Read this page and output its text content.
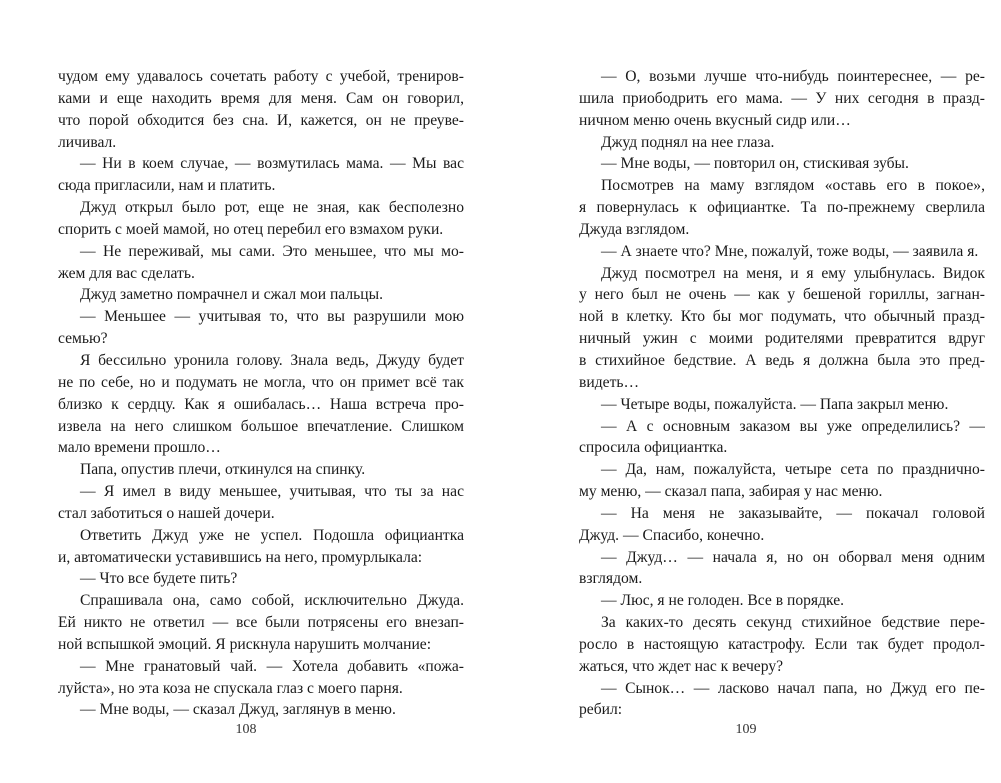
чудом ему удавалось сочетать работу с учебой, трениров-
ками и еще находить время для меня. Сам он говорил,
что порой обходится без сна. И, кажется, он не преуве-
личивал.
— Ни в коем случае, — возмутилась мама. — Мы вас
сюда пригласили, нам и платить.
Джуд открыл было рот, еще не зная, как бесполезно
спорить с моей мамой, но отец перебил его взмахом руки.
— Не переживай, мы сами. Это меньшее, что мы мо-
жем для вас сделать.
Джуд заметно помрачнел и сжал мои пальцы.
— Меньшее — учитывая то, что вы разрушили мою
семью?
Я бессильно уронила голову. Знала ведь, Джуду будет
не по себе, но и подумать не могла, что он примет всё так
близко к сердцу. Как я ошибалась… Наша встреча про-
извела на него слишком большое впечатление. Слишком
мало времени прошло…
Папа, опустив плечи, откинулся на спинку.
— Я имел в виду меньшее, учитывая, что ты за нас
стал заботиться о нашей дочери.
Ответить Джуд уже не успел. Подошла официантка
и, автоматически уставившись на него, промурлыкала:
— Что все будете пить?
Спрашивала она, само собой, исключительно Джуда.
Ей никто не ответил — все были потрясены его внезап-
ной вспышкой эмоций. Я рискнула нарушить молчание:
— Мне гранатовый чай. — Хотела добавить «пожа-
луйста», но эта коза не спускала глаз с моего парня.
— Мне воды, — сказал Джуд, заглянув в меню.
108
— О, возьми лучше что-нибудь поинтереснее, — ре-
шила приободрить его мама. — У них сегодня в празд-
ничном меню очень вкусный сидр или…
Джуд поднял на нее глаза.
— Мне воды, — повторил он, стискивая зубы.
Посмотрев на маму взглядом «оставь его в покое»,
я повернулась к официантке. Та по-прежнему сверлила
Джуда взглядом.
— А знаете что? Мне, пожалуй, тоже воды, — заявила я.
Джуд посмотрел на меня, и я ему улыбнулась. Видок
у него был не очень — как у бешеной гориллы, загнан-
ной в клетку. Кто бы мог подумать, что обычный празд-
ничный ужин с моими родителями превратится вдруг
в стихийное бедствие. А ведь я должна была это пред-
видеть…
— Четыре воды, пожалуйста. — Папа закрыл меню.
— А с основным заказом вы уже определились? —
спросила официантка.
— Да, нам, пожалуйста, четыре сета по празднично-
му меню, — сказал папа, забирая у нас меню.
— На меня не заказывайте, — покачал головой
Джуд. — Спасибо, конечно.
— Джуд… — начала я, но он оборвал меня одним
взглядом.
— Люс, я не голоден. Все в порядке.
За каких-то десять секунд стихийное бедствие пере-
росло в настоящую катастрофу. Если так будет продол-
жаться, что ждет нас к вечеру?
— Сынок… — ласково начал папа, но Джуд его пе-
ребил:
109
